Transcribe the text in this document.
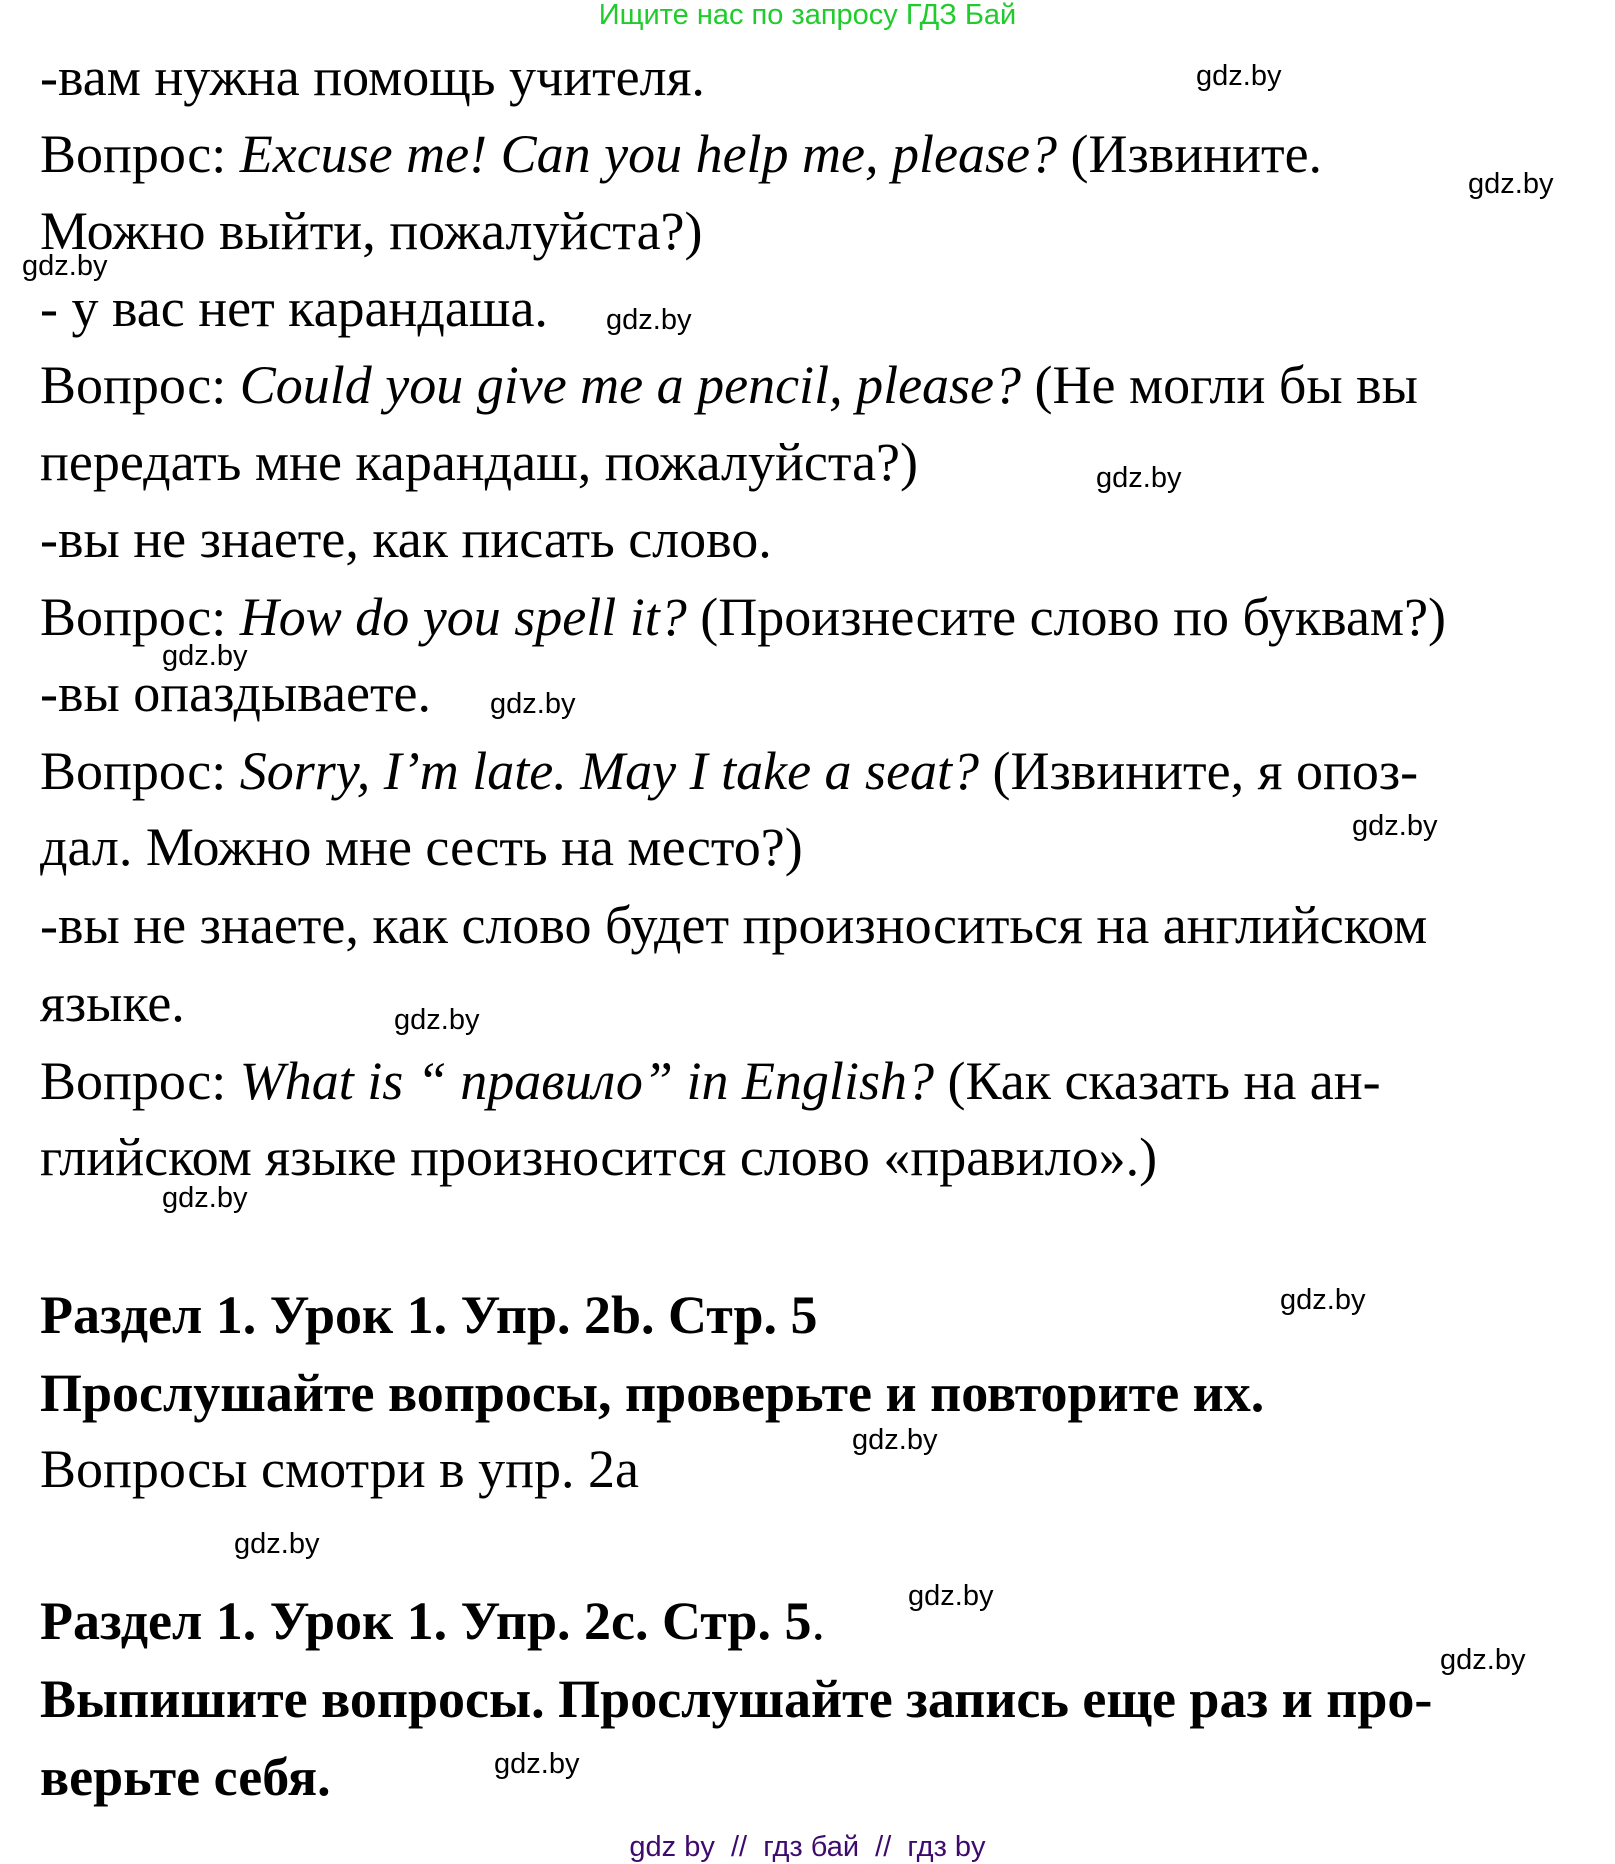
Ищите нас по запросу ГДЗ Бай
-вам нужна помощь учителя.
Вопрос: Excuse me! Can you help me, please? (Извините.
Можно выйти, пожалуйста?)
- у вас нет карандаша.
Вопрос: Could you give me a pencil, please? (Не могли бы вы
передать мне карандаш, пожалуйста?)
-вы не знаете, как писать слово.
Вопрос: How do you spell it? (Произнесите слово по буквам?)
-вы опаздываете.
Вопрос: Sorry, I’m late. May I take a seat? (Извините, я опоз-
дал. Можно мне сесть на место?)
-вы не знаете, как слово будет произноситься на английском
языке.
Вопрос: What is “ правило” in English? (Как сказать на ан-
глийском языке произносится слово «правило».)
Раздел 1. Урок 1. Упр. 2b. Стр. 5
Прослушайте вопросы, проверьте и повторите их.
Вопросы смотри в упр. 2а
Раздел 1. Урок 1. Упр. 2c. Стр. 5.
Выпишите вопросы. Прослушайте запись еще раз и про-
верьте себя.
gdz.by
gdz.by
gdz.by
gdz.by
gdz.by
gdz.by
gdz.by
gdz.by
gdz.by
gdz.by
gdz.by
gdz.by
gdz.by
gdz.by
gdz.by
gdz.by
gdz by  //  гдз бай  //  гдз by
